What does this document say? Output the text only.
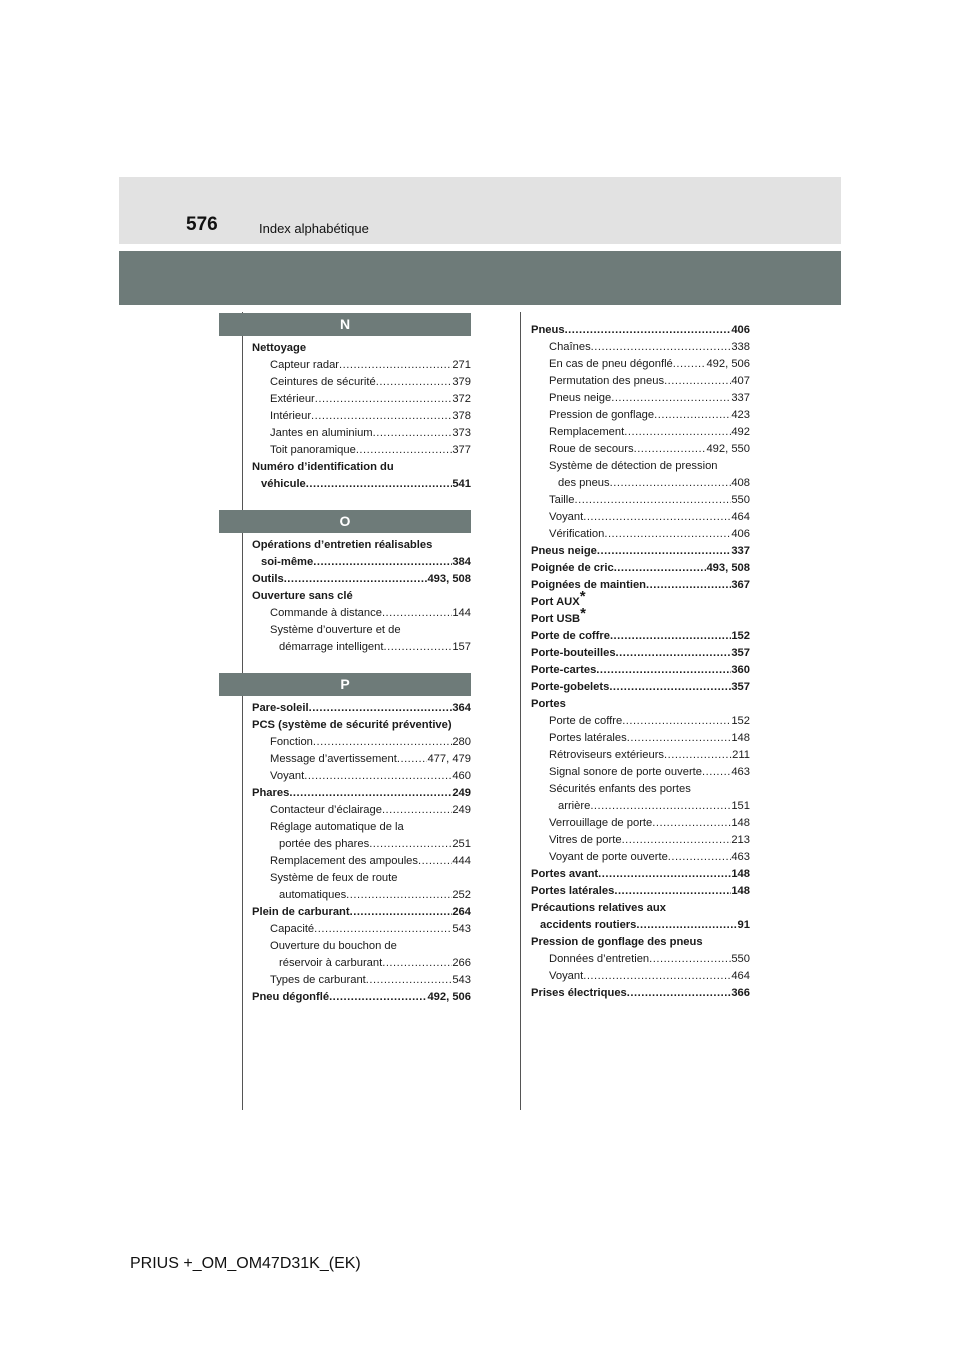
576	Index alphabétique
N
Nettoyage
Capteur radar .....	271
Ceintures de sécurité .....	379
Extérieur .....	372
Intérieur .....	378
Jantes en aluminium .....	373
Toit panoramique .....	377
Numéro d’identification du
véhicule .....	541
O
Opérations d’entretien réalisables
soi-même .....	384
Outils .....	493, 508
Ouverture sans clé
Commande à distance .....	144
Système d’ouverture et de
démarrage intelligent .....	157
P
Pare-soleil .....	364
PCS (système de sécurité préventive)
Fonction .....	280
Message d’avertissement .....	477, 479
Voyant .....	460
Phares .....	249
Contacteur d’éclairage .....	249
Réglage automatique de la
portée des phares .....	251
Remplacement des ampoules .....	444
Système de feux de route
automatiques .....	252
Plein de carburant .....	264
Capacité .....	543
Ouverture du bouchon de
réservoir à carburant .....	266
Types de carburant .....	543
Pneu dégonflé .....	492, 506
Pneus .....	406
Chaînes .....	338
En cas de pneu dégonflé .....	492, 506
Permutation des pneus .....	407
Pneus neige .....	337
Pression de gonflage .....	423
Remplacement .....	492
Roue de secours .....	492, 550
Système de détection de pression
des pneus .....	408
Taille .....	550
Voyant .....	464
Vérification .....	406
Pneus neige .....	337
Poignée de cric .....	493, 508
Poignées de maintien .....	367
Port AUX*
Port USB*
Porte de coffre .....	152
Porte-bouteilles .....	357
Porte-cartes .....	360
Porte-gobelets .....	357
Portes
Porte de coffre .....	152
Portes latérales .....	148
Rétroviseurs extérieurs .....	211
Signal sonore de porte ouverte .....	463
Sécurités enfants des portes
arrière .....	151
Verrouillage de porte .....	148
Vitres de porte .....	213
Voyant de porte ouverte .....	463
Portes avant .....	148
Portes latérales .....	148
Précautions relatives aux
accidents routiers .....	91
Pression de gonflage des pneus
Données d’entretien .....	550
Voyant .....	464
Prises électriques .....	366
PRIUS +_OM_OM47D31K_(EK)
